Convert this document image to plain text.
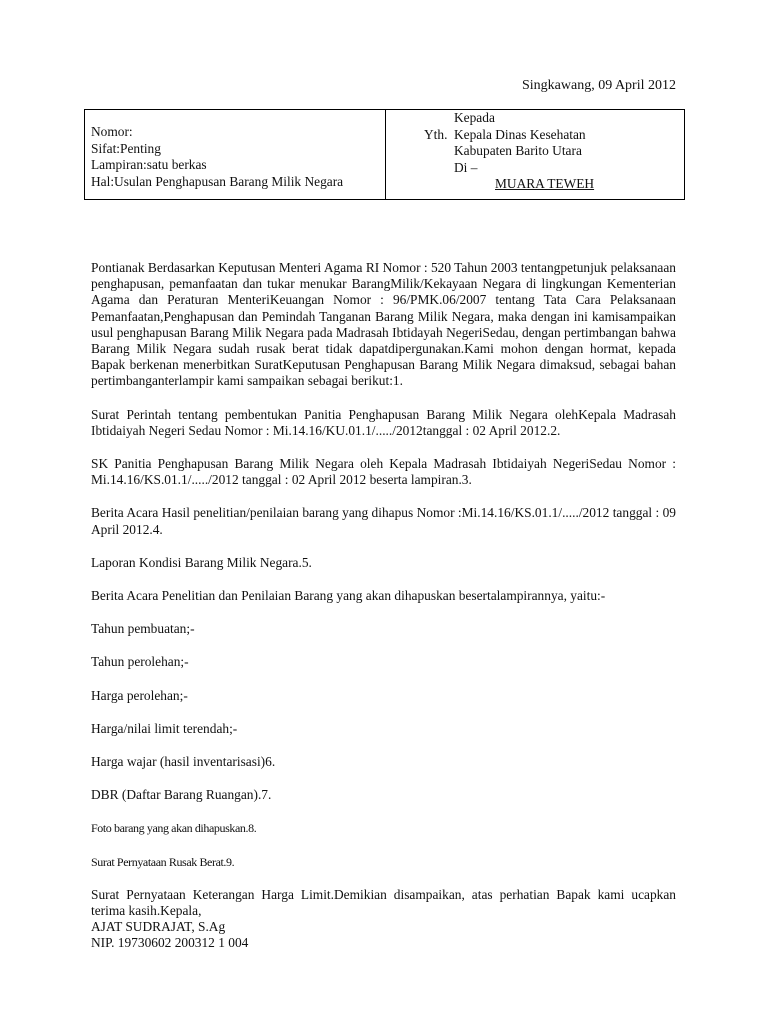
Singkawang, 09 April 2012
Nomor:
Sifat:Penting
Lampiran:satu berkas
Hal:Usulan Penghapusan Barang Milik Negara
Yth.
Kepada
Kepala Dinas Kesehatan
Kabupaten Barito Utara
Di –
MUARA TEWEH

Pontianak Berdasarkan Keputusan Menteri Agama RI Nomor : 520 Tahun 2003 tentangpetunjuk pelaksanaan penghapusan, pemanfaatan dan tukar menukar BarangMilik/Kekayaan Negara di lingkungan Kementerian Agama dan Peraturan MenteriKeuangan Nomor : 96/PMK.06/2007 tentang Tata Cara Pelaksanaan Pemanfaatan,Penghapusan dan Pemindah Tanganan Barang Milik Negara, maka dengan ini kamisampaikan usul penghapusan Barang Milik Negara pada Madrasah Ibtidayah NegeriSedau, dengan pertimbangan bahwa Barang Milik Negara sudah rusak berat tidak dapatdipergunakan.Kami mohon dengan hormat, kepada Bapak berkenan menerbitkan SuratKeputusan Penghapusan Barang Milik Negara dimaksud, sebagai bahan pertimbanganterlampir kami sampaikan sebagai berikut:1.

Surat Perintah tentang pembentukan Panitia Penghapusan Barang Milik Negara olehKepala Madrasah Ibtidaiyah Negeri Sedau Nomor : Mi.14.16/KU.01.1/...../2012tanggal : 02 April 2012.2.

SK Panitia Penghapusan Barang Milik Negara oleh Kepala Madrasah Ibtidaiyah NegeriSedau Nomor : Mi.14.16/KS.01.1/...../2012 tanggal : 02 April 2012 beserta lampiran.3.

Berita Acara Hasil penelitian/penilaian barang yang dihapus Nomor :Mi.14.16/KS.01.1/...../2012 tanggal : 09 April 2012.4.

Laporan Kondisi Barang Milik Negara.5.

Berita Acara Penelitian dan Penilaian Barang yang akan dihapuskan besertalampirannya, yaitu:-

Tahun pembuatan;-

Tahun perolehan;-

Harga perolehan;-

Harga/nilai limit terendah;-

Harga wajar (hasil inventarisasi)6.

DBR (Daftar Barang Ruangan).7.

Foto barang yang akan dihapuskan.8.

Surat Pernyataan Rusak Berat.9.

Surat Pernyataan Keterangan Harga Limit.Demikian disampaikan, atas perhatian Bapak kami ucapkan terima kasih.Kepala,

AJAT SUDRAJAT, S.Ag

NIP. 19730602 200312 1 004
